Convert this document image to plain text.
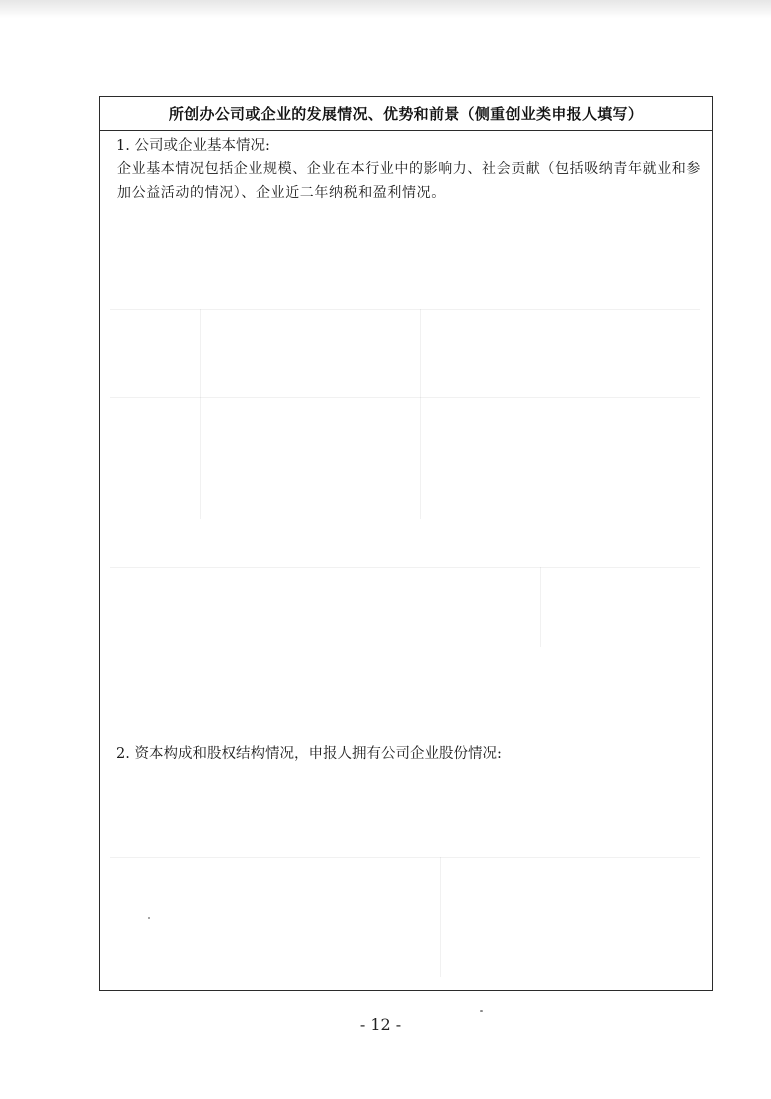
所创办公司或企业的发展情况、优势和前景（侧重创业类申报人填写）
1. 公司或企业基本情况:
企业基本情况包括企业规模、企业在本行业中的影响力、社会贡献（包括吸纳青年就业和参加公益活动的情况）、企业近二年纳税和盈利情况。
2. 资本构成和股权结构情况，申报人拥有公司企业股份情况:
- 12 -
